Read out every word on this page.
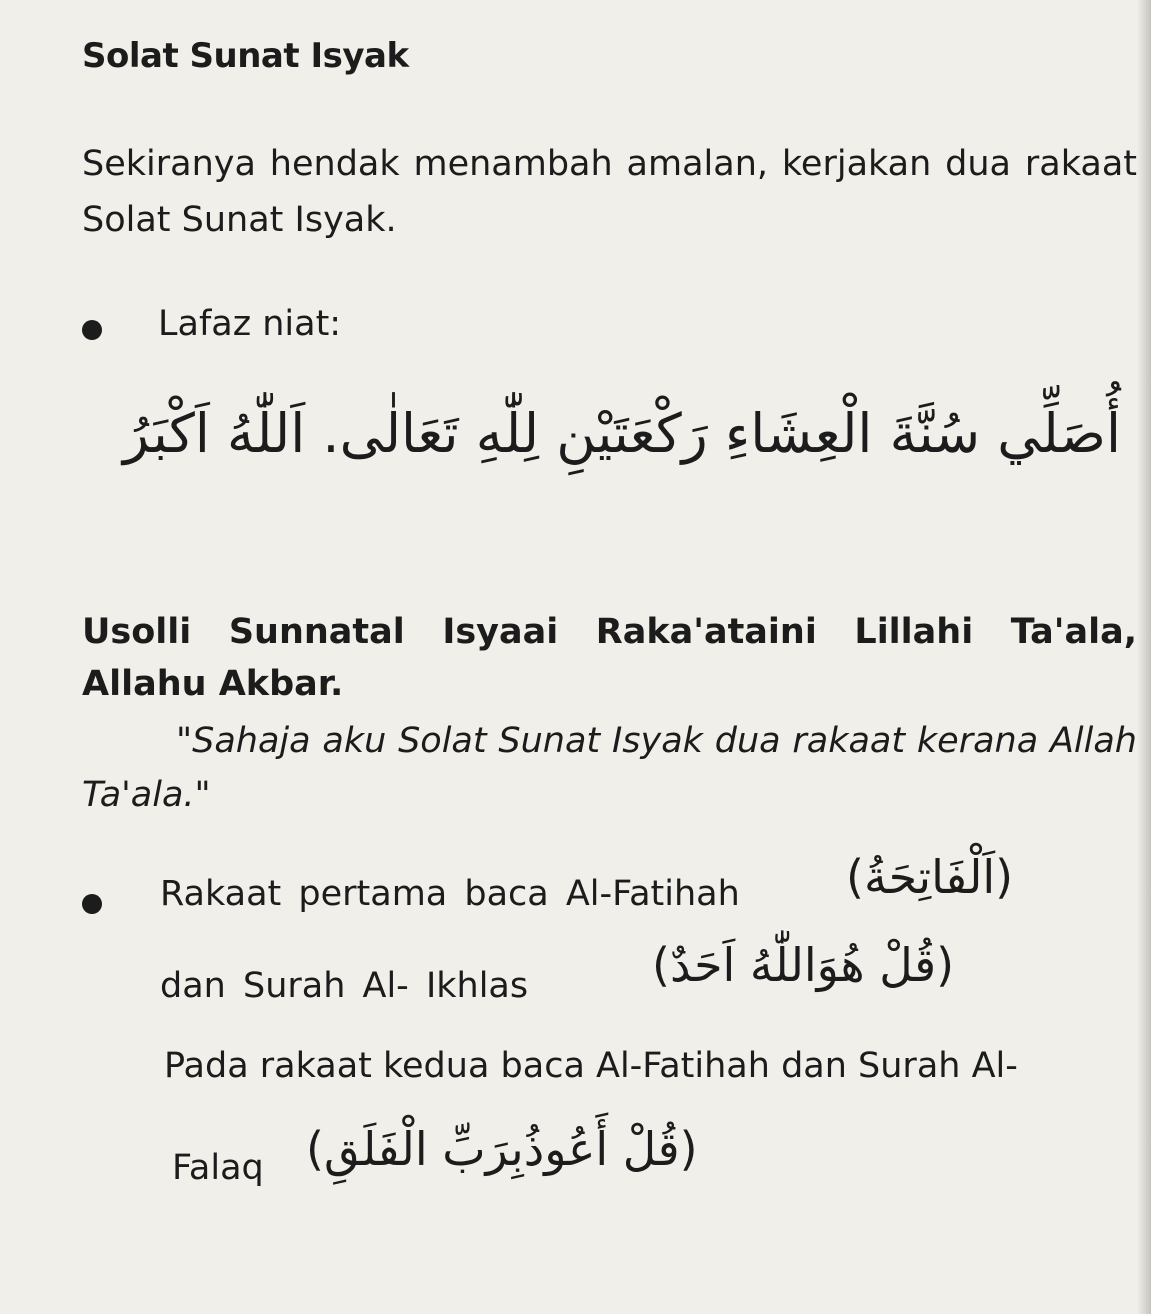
Solat Sunat Isyak
Sekiranya hendak menambah amalan, kerjakan dua rakaat Solat Sunat Isyak.
Lafaz niat:
أُصَلِّي سُنَّةَ الْعِشَاءِ رَكْعَتَيْنِ لِلّٰهِ تَعَالٰى. اَللّٰهُ اَكْبَرُ
Usolli Sunnatal Isyaai Raka'ataini Lillahi Ta'ala, Allahu Akbar.
"Sahaja aku Solat Sunat Isyak dua rakaat kerana Allah Ta'ala."
Rakaat pertama baca Al-Fatihah (اَلْفَاتِحَةُ)
dan Surah Al- Ikhlas	(قُلْ هُوَاللّٰهُ اَحَدٌ)
Pada rakaat kedua baca Al-Fatihah dan Surah Al-
Falaq (قُلْ أَعُوذُبِرَبِّ الْفَلَقِ)
